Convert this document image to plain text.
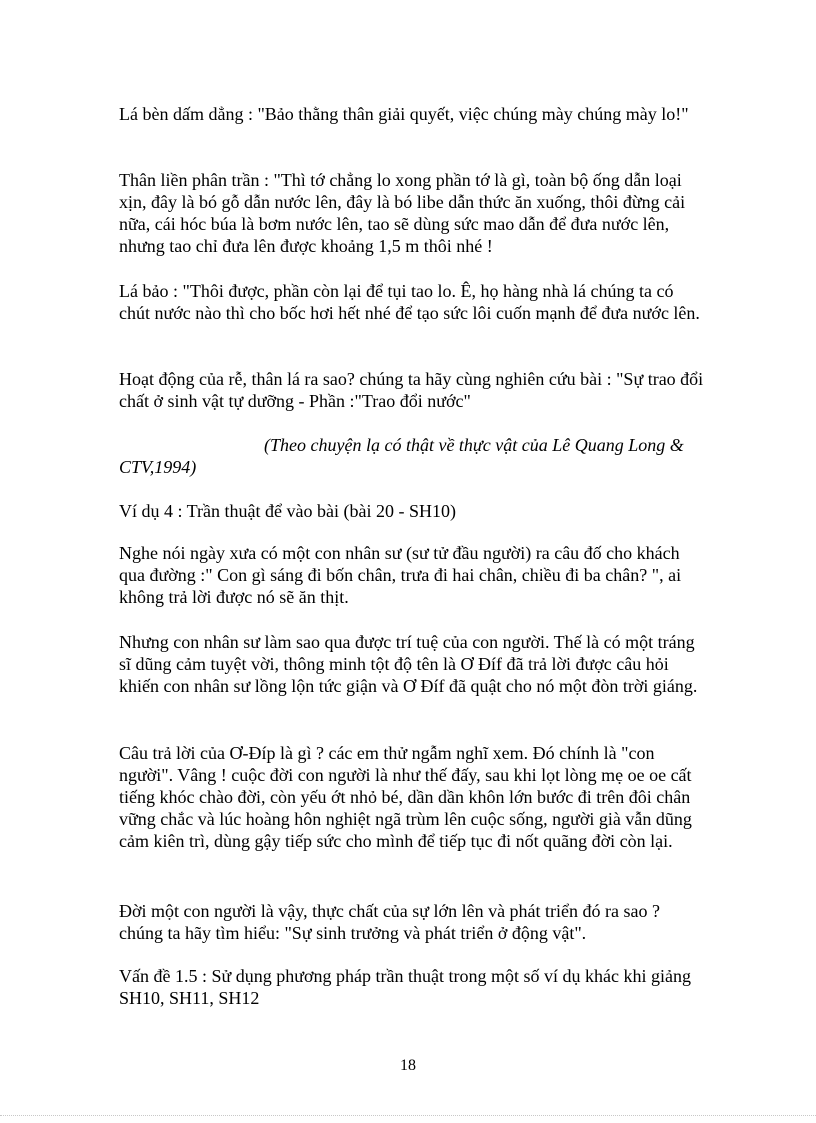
Lá bèn dấm dẳng : "Bảo thằng thân giải quyết, việc chúng mày chúng mày lo!"

Thân liền phân trần : "Thì tớ chẳng lo xong phần tớ là gì, toàn bộ ống dẫn loại xịn, đây là bó gỗ dẫn nước lên, đây là bó libe dẫn thức ăn xuống, thôi đừng cải nữa, cái hóc búa là bơm nước lên, tao sẽ dùng sức mao dẫn để đưa nước lên, nhưng tao chỉ đưa lên được khoảng 1,5 m thôi nhé !

Lá bảo : "Thôi được, phần còn lại để tụi tao lo. Ê, họ hàng nhà lá chúng ta có chút nước nào thì cho bốc hơi hết nhé để tạo sức lôi cuốn mạnh để đưa nước lên.

Hoạt động của rễ, thân lá ra sao? chúng ta hãy cùng nghiên cứu bài : "Sự trao đổi chất ở sinh vật tự dưỡng - Phần :"Trao đổi nước"

(Theo chuyện lạ có thật về thực vật của Lê Quang Long & CTV,1994)

Ví dụ 4 : Trần thuật để vào bài (bài 20 - SH10)

Nghe nói ngày xưa có một con nhân sư (sư tử đầu người) ra câu đố cho khách qua đường :" Con gì sáng đi bốn chân, trưa đi hai chân, chiều đi ba chân? ", ai không trả lời được nó sẽ ăn thịt.

Nhưng con nhân sư làm sao qua được trí tuệ của con người. Thế là có một tráng sĩ dũng cảm tuyệt vời, thông minh tột độ tên là Ơ Đíf đã trả lời được câu hỏi khiến con nhân sư lồng lộn tức giận và Ơ Đíf đã quật cho nó một đòn trời giáng.

Câu trả lời của Ơ-Đíp là gì ? các em thử ngẫm nghĩ xem. Đó chính là "con người". Vâng ! cuộc đời con người là như thế đấy, sau khi lọt lòng mẹ oe oe cất tiếng khóc chào đời, còn yếu ớt nhỏ bé, dần dần khôn lớn bước đi trên đôi chân vững chắc và lúc hoàng hôn nghiệt ngã trùm lên cuộc sống, người già vẫn dũng cảm kiên trì, dùng gậy tiếp sức cho mình để tiếp tục đi nốt quãng đời còn lại.

Đời một con người là vậy, thực chất của sự lớn lên và phát triển đó ra sao ? chúng ta hãy tìm hiểu: "Sự sinh trưởng và phát triển ở động vật".

Vấn đề 1.5 : Sử dụng phương pháp trần thuật trong một số ví dụ khác khi giảng SH10, SH11, SH12

18
